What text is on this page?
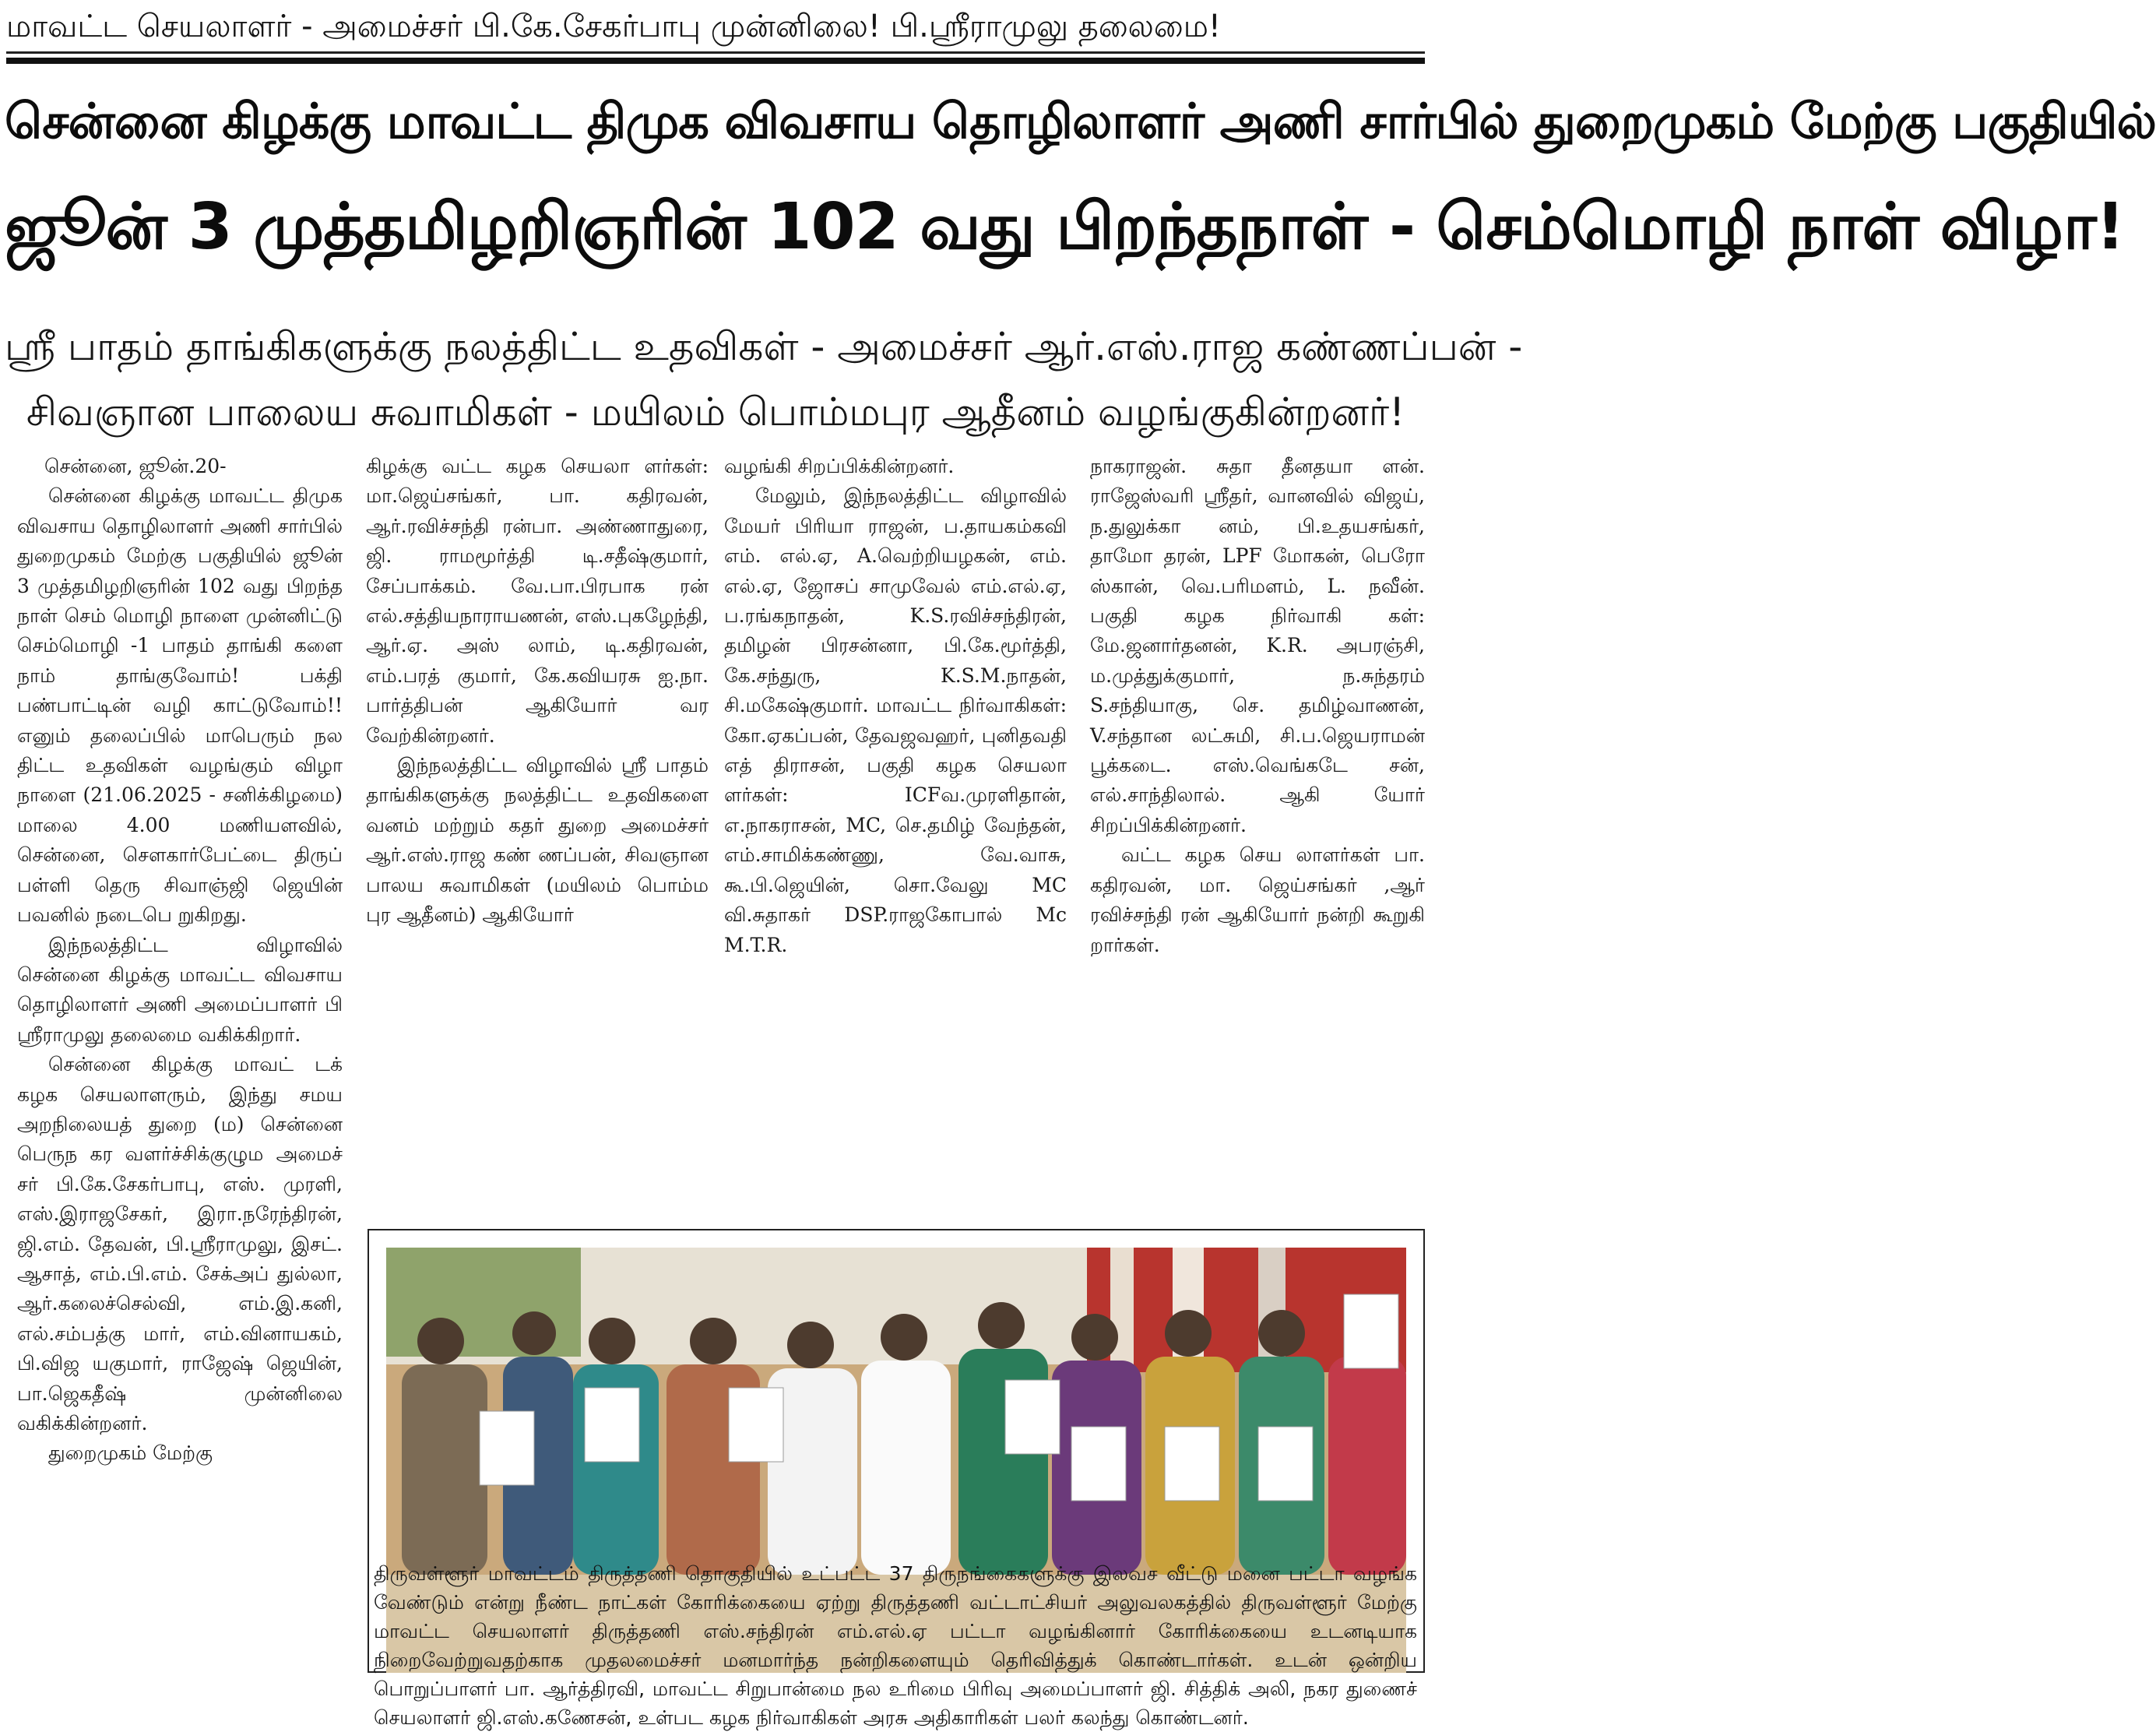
மாவட்ட செயலாளர் - அமைச்சர் பி.கே.சேகர்பாபு முன்னிலை! பி.ஸ்ரீராமுலு தலைமை!
சென்னை கிழக்கு மாவட்ட திமுக விவசாய தொழிலாளர் அணி சார்பில் துறைமுகம் மேற்கு பகுதியில்
ஜூன் 3 முத்தமிழறிஞரின் 102 வது பிறந்தநாள் - செம்மொழி நாள் விழா!
ஸ்ரீ பாதம் தாங்கிகளுக்கு நலத்திட்ட உதவிகள் - அமைச்சர் ஆர்.எஸ்.ராஜ கண்ணப்பன் -
சிவஞான பாலைய சுவாமிகள் - மயிலம் பொம்மபுர ஆதீனம் வழங்குகின்றனர்!

சென்னை, ஜூன்.20-

சென்னை கிழக்கு மாவட்ட திமுக விவசாய தொழிலாளர் அணி சார்பில் துறைமுகம் மேற்கு பகுதியில் ஜூன் 3 முத்தமிழறிஞரின் 102 வது பிறந்த நாள் செம் மொழி நாளை முன்னிட்டு செம்மொழி -1 பாதம் தாங்கி களை நாம் தாங்குவோம்! பக்தி பண்பாட்டின் வழி காட்டுவோம்!! எனும் தலைப்பில் மாபெரும் நல திட்ட உதவிகள் வழங்கும் விழா நாளை (21.06.2025 - சனிக்கிழமை) மாலை 4.00 மணியளவில், சென்னை, சௌகார்பேட்டை திருப் பள்ளி தெரு சிவாஞ்ஜி ஜெயின் பவனில் நடைபெ றுகிறது.

இந்நலத்திட்ட விழாவில் சென்னை கிழக்கு மாவட்ட விவசாய தொழிலாளர் அணி அமைப்பாளர் பி ஸ்ரீராமுலு தலைமை வகிக்கிறார்.

சென்னை கிழக்கு மாவட் டக் கழக செயலாளரும், இந்து சமய அறநிலையத் துறை (ம) சென்னை பெருந கர வளர்ச்சிக்குழும அமைச் சர் பி.கே.சேகர்பாபு, எஸ். முரளி, எஸ்.இராஜசேகர், இரா.நரேந்திரன், ஜி.எம். தேவன், பி.ஸ்ரீராமுலு, இசட். ஆசாத், எம்.பி.எம். சேக்அப் துல்லா, ஆர்.கலைச்செல்வி, எம்.இ.கனி, எல்.சம்பத்கு மார், எம்.வினாயகம், பி.விஜ யகுமார், ராஜேஷ் ஜெயின், பா.ஜெகதீஷ் முன்னிலை வகிக்கின்றனர்.

துறைமுகம் மேற்கு

கிழக்கு வட்ட கழக செயலா ளர்கள்: மா.ஜெய்சங்கர், பா. கதிரவன், ஆர்.ரவிச்சந்தி ரன்பா. அண்ணாதுரை, ஜி. ராமமூர்த்தி டி.சதீஷ்குமார், சேப்பாக்கம். வே.பா.பிரபாக ரன் எல்.சத்தியநாராயணன், எஸ்.புகழேந்தி, ஆர்.ஏ. அஸ் லாம், டி.கதிரவன், எம்.பரத் குமார், கே.கவியரசு ஐ.நா. பார்த்திபன் ஆகியோர் வர வேற்கின்றனர்.

இந்நலத்திட்ட விழாவில் ஸ்ரீ பாதம் தாங்கிகளுக்கு நலத்திட்ட உதவிகளை வனம் மற்றும் கதர் துறை அமைச்சர் ஆர்.எஸ்.ராஜ கண் ணப்பன், சிவஞான பாலய சுவாமிகள் (மயிலம் பொம்ம புர ஆதீனம்) ஆகியோர்

வழங்கி சிறப்பிக்கின்றனர்.

மேலும், இந்நலத்திட்ட விழாவில் மேயர் பிரியா ராஜன், ப.தாயகம்கவி எம். எல்.ஏ, A.வெற்றியழகன், எம். எல்.ஏ, ஜோசப் சாமுவேல் எம்.எல்.ஏ, ப.ரங்கநாதன், K.S.ரவிச்சந்திரன், தமிழன் பிரசன்னா, பி.கே.மூர்த்தி, கே.சந்துரு, K.S.M.நாதன், சி.மகேஷ்குமார். மாவட்ட நிர்வாகிகள்: கோ.ஏகப்பன், தேவஜவஹர், புனிதவதி எத் திராசன், பகுதி கழக செயலா ளர்கள்: ICFவ.முரளிதான், எ.நாகராசன், MC, செ.தமிழ் வேந்தன், எம்.சாமிக்கண்ணு, வே.வாசு, கூ.பி.ஜெயின், சொ.வேலு MC வி.சுதாகர் DSP.ராஜகோபால் Mc M.T.R.

நாகராஜன். சுதா தீனதயா ளன். ராஜேஸ்வரி ஸ்ரீதர், வானவில் விஜய், ந.துலுக்கா னம், பி.உதயசங்கர், தாமோ தரன், LPF மோகன், பெரோ ஸ்கான், வெ.பரிமளம், L. நவீன். பகுதி கழக நிர்வாகி கள்: மே.ஜனார்தனன், K.R. அபரஞ்சி, ம.முத்துக்குமார், ந.சுந்தரம் S.சந்தியாகு, செ. தமிழ்வாணன், V.சந்தான லட்சுமி, சி.ப.ஜெயராமன் பூக்கடை. எஸ்.வெங்கடே சன், எல்.சாந்திலால். ஆகி யோர் சிறப்பிக்கின்றனர்.

வட்ட கழக செய லாளர்கள் பா. கதிரவன், மா. ஜெய்சங்கர் ,ஆர் ரவிச்சந்தி ரன் ஆகியோர் நன்றி கூறுகி றார்கள்.

திருவள்ளூர் மாவட்டம் திருத்தணி தொகுதியில் உட்பட்ட 37 திருநங்கைகளுக்கு இலவச வீட்டு மனை பட்டா வழங்க வேண்டும் என்று நீண்ட நாட்கள் கோரிக்கையை ஏற்று திருத்தணி வட்டாட்சியர் அலுவலகத்தில் திருவள்ளூர் மேற்கு மாவட்ட செயலாளர் திருத்தணி எஸ்.சந்திரன் எம்.எல்.ஏ பட்டா வழங்கினார் கோரிக்கையை உடனடியாக நிறைவேற்றுவதற்காக முதலமைச்சர் மனமார்ந்த நன்றிகளையும் தெரிவித்துக் கொண்டார்கள். உடன் ஒன்றிய பொறுப்பாளர் பா. ஆர்த்திரவி, மாவட்ட சிறுபான்மை நல உரிமை பிரிவு அமைப்பாளர் ஜி. சித்திக் அலி, நகர துணைச் செயலாளர் ஜி.எஸ்.கணேசன், உள்பட கழக நிர்வாகிகள் அரசு அதிகாரிகள் பலர் கலந்து கொண்டனர்.
